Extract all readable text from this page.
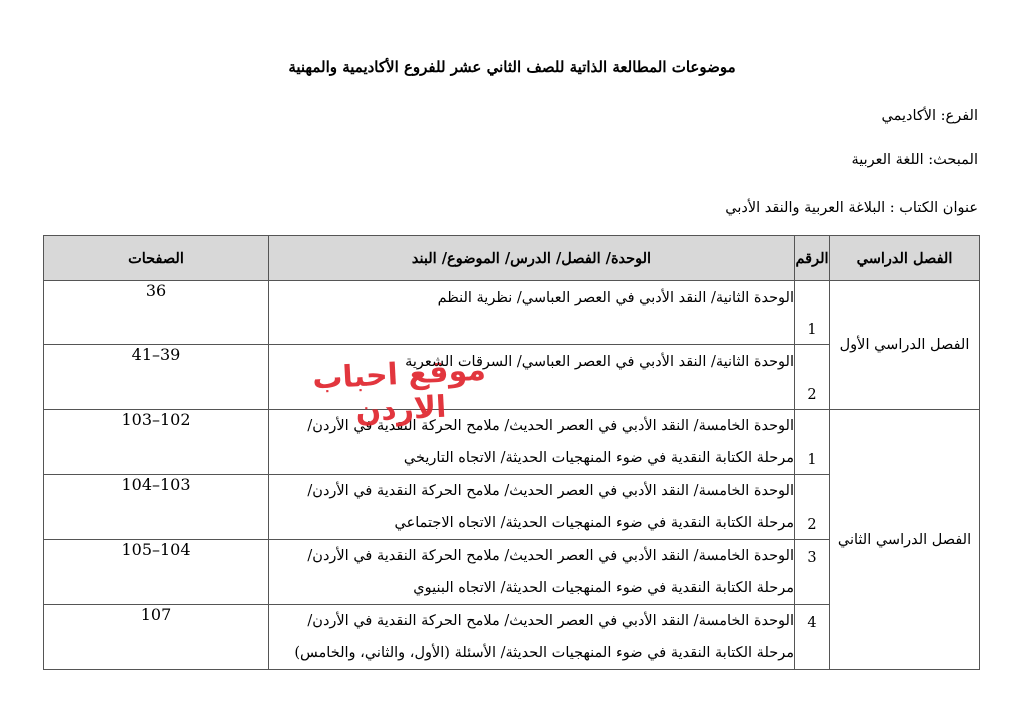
موضوعات المطالعة الذاتية للصف الثاني عشر للفروع الأكاديمية والمهنية
الفرع: الأكاديمي
المبحث: اللغة العربية
عنوان الكتاب : البلاغة العربية والنقد الأدبي
الفصل الدراسي	الرقم	الوحدة/ الفصل/ الدرس/ الموضوع/ البند	الصفحات
الفصل الدراسي الأول	1	الوحدة الثانية/ النقد الأدبي في العصر العباسي/ نظرية النظم	36
	2	الوحدة الثانية/ النقد الأدبي في العصر العباسي/ السرقات الشعرية	41–39
الفصل الدراسي الثاني	1	الوحدة الخامسة/ النقد الأدبي في العصر الحديث/ ملامح الحركة النقدية في الأردن/
مرحلة الكتابة النقدية في ضوء المنهجيات الحديثة/ الاتجاه التاريخي	103–102
	2	الوحدة الخامسة/ النقد الأدبي في العصر الحديث/ ملامح الحركة النقدية في الأردن/
مرحلة الكتابة النقدية في ضوء المنهجيات الحديثة/ الاتجاه الاجتماعي	104–103
	3	الوحدة الخامسة/ النقد الأدبي في العصر الحديث/ ملامح الحركة النقدية في الأردن/
مرحلة الكتابة النقدية في ضوء المنهجيات الحديثة/ الاتجاه البنيوي	105–104
	4	الوحدة الخامسة/ النقد الأدبي في العصر الحديث/ ملامح الحركة النقدية في الأردن/
مرحلة الكتابة النقدية في ضوء المنهجيات الحديثة/ الأسئلة (الأول، والثاني، والخامس)	107
موقع احباب الاردن
